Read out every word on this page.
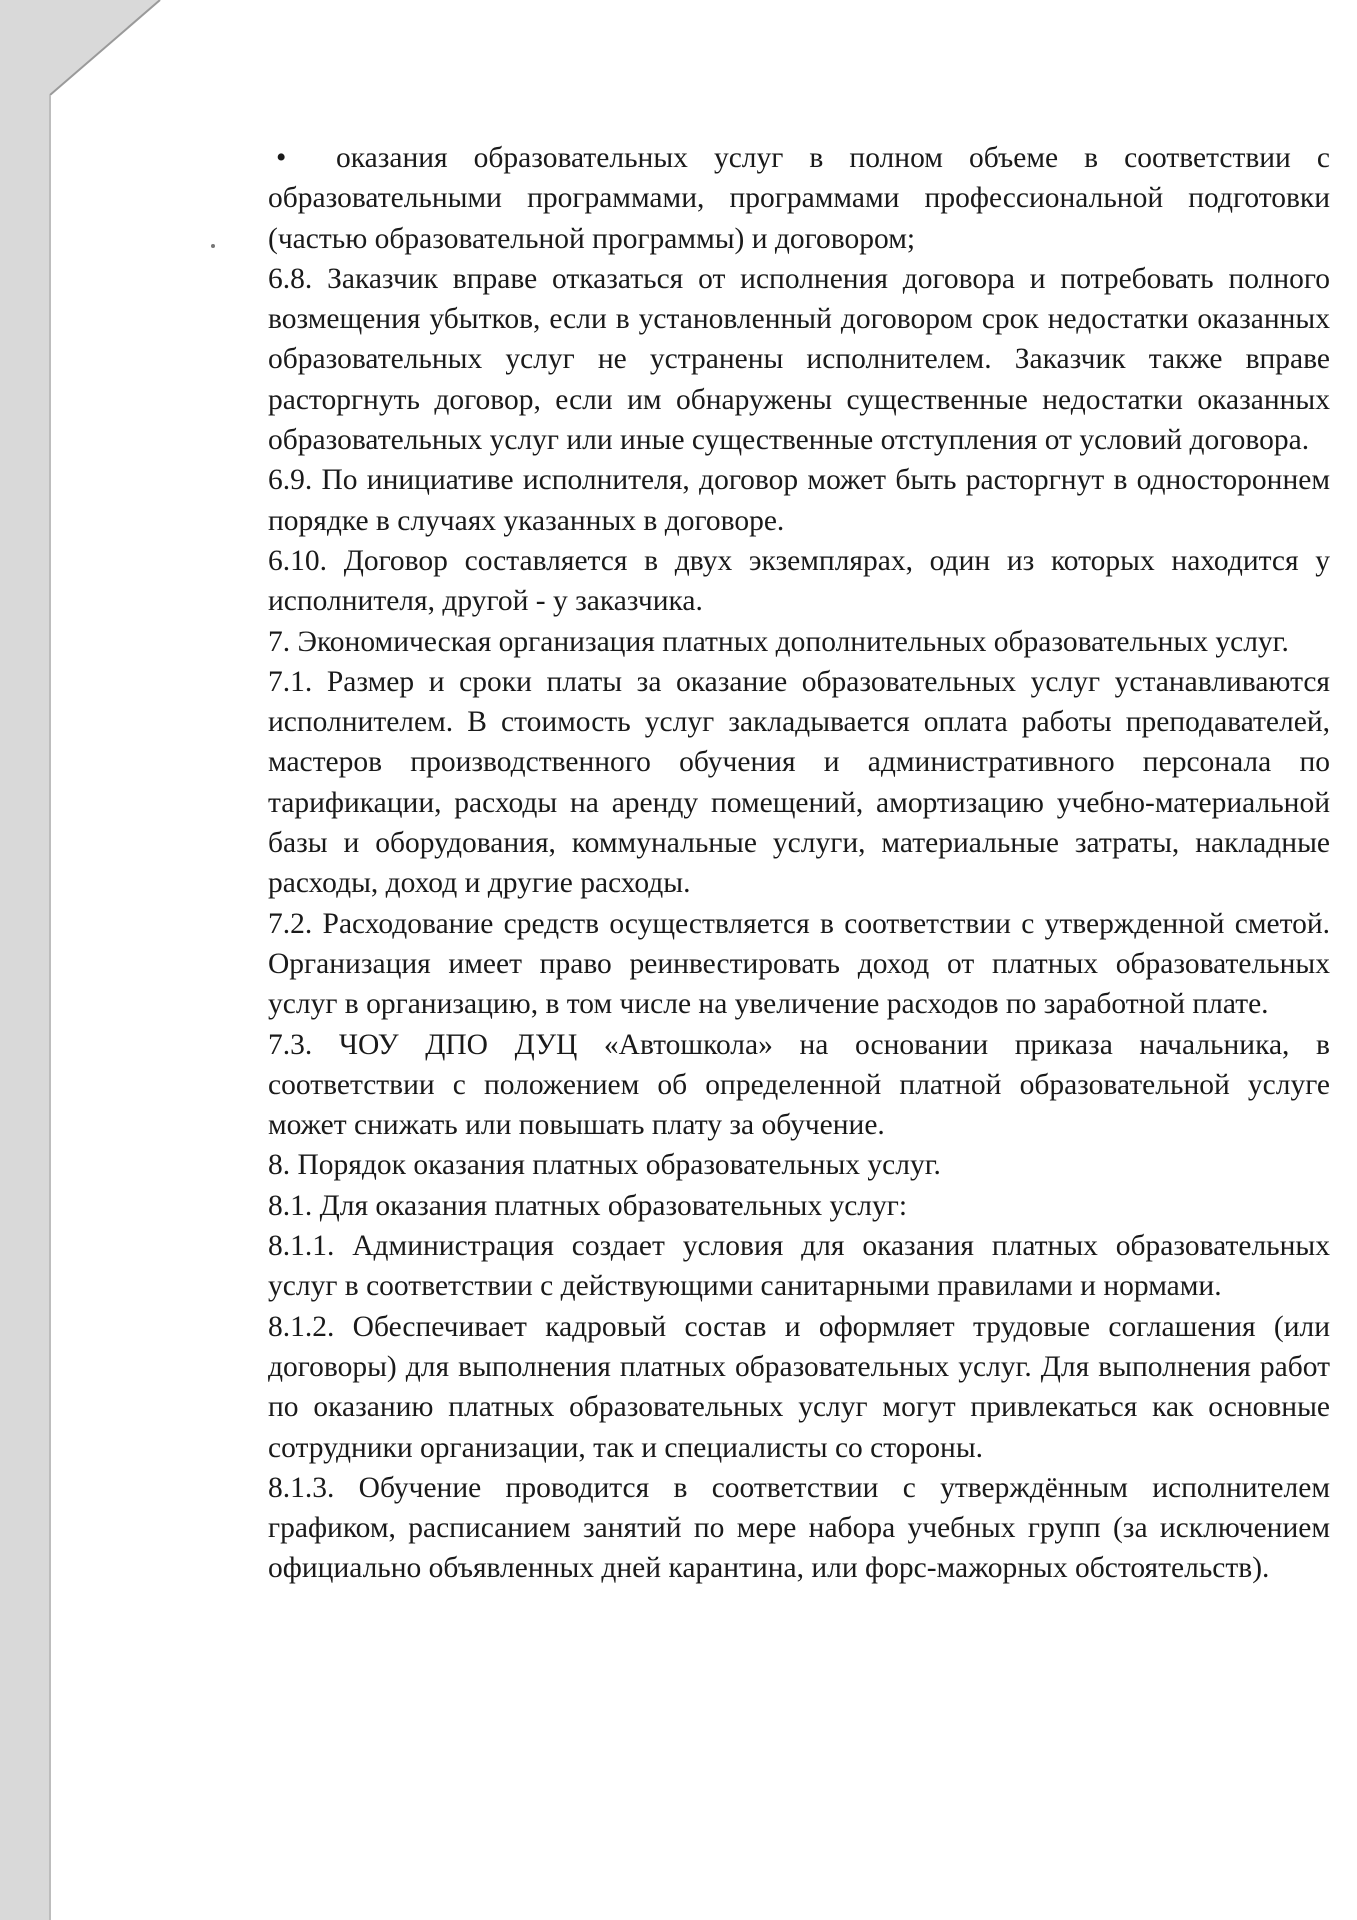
• оказания образовательных услуг в полном объеме в соответствии с образовательными программами, программами профессиональной подготовки (частью образовательной программы) и договором;

6.8. Заказчик вправе отказаться от исполнения договора и потребовать полного возмещения убытков, если в установленный договором срок недостатки оказанных образовательных услуг не устранены исполнителем. Заказчик также вправе расторгнуть договор, если им обнаружены существенные недостатки оказанных образовательных услуг или иные существенные отступления от условий договора.

6.9. По инициативе исполнителя, договор может быть расторгнут в одностороннем порядке в случаях указанных в договоре.

6.10. Договор составляется в двух экземплярах, один из которых находится у исполнителя, другой - у заказчика.

7. Экономическая организация платных дополнительных образовательных услуг.

7.1. Размер и сроки платы за оказание образовательных услуг устанавливаются исполнителем. В стоимость услуг закладывается оплата работы преподавателей, мастеров производственного обучения и административного персонала по тарификации, расходы на аренду помещений, амортизацию учебно-материальной базы и оборудования, коммунальные услуги, материальные затраты, накладные расходы, доход и другие расходы.

7.2. Расходование средств осуществляется в соответствии с утвержденной сметой. Организация имеет право реинвестировать доход от платных образовательных услуг в организацию, в том числе на увеличение расходов по заработной плате.

7.3. ЧОУ ДПО ДУЦ «Автошкола» на основании приказа начальника, в соответствии с положением об определенной платной образовательной услуге может снижать или повышать плату за обучение.

8. Порядок оказания платных образовательных услуг.

8.1. Для оказания платных образовательных услуг:

8.1.1. Администрация создает условия для оказания платных образовательных услуг в соответствии с действующими санитарными правилами и нормами.

8.1.2. Обеспечивает кадровый состав и оформляет трудовые соглашения (или договоры) для выполнения платных образовательных услуг. Для выполнения работ по оказанию платных образовательных услуг могут привлекаться как основные сотрудники организации, так и специалисты со стороны.

8.1.3. Обучение проводится в соответствии с утверждённым исполнителем графиком, расписанием занятий по мере набора учебных групп (за исключением официально объявленных дней карантина, или форс-мажорных обстоятельств).
